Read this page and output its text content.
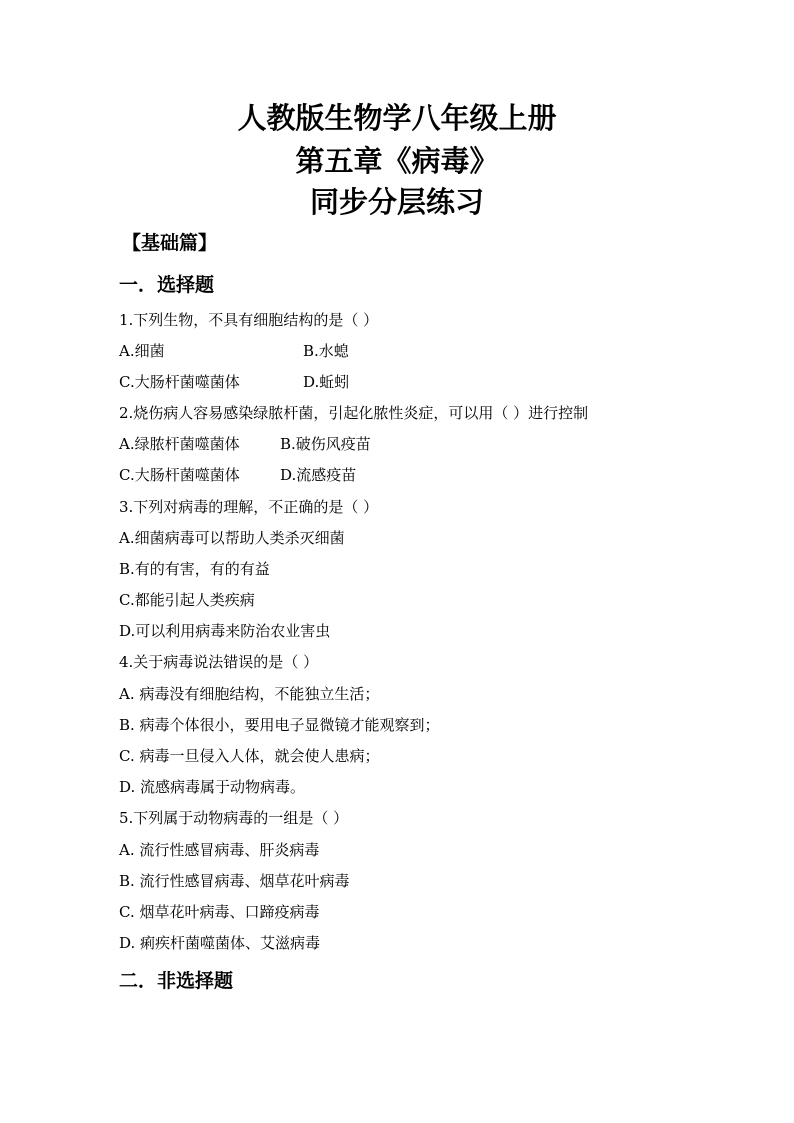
人教版生物学八年级上册
第五章《病毒》
同步分层练习
【基础篇】
一．选择题
1.下列生物，不具有细胞结构的是（ ）
A.细菌	B.水螅
C.大肠杆菌噬菌体	D.蚯蚓
2.烧伤病人容易感染绿脓杆菌，引起化脓性炎症，可以用（ ）进行控制
A.绿脓杆菌噬菌体	B.破伤风疫苗
C.大肠杆菌噬菌体	D.流感疫苗
3.下列对病毒的理解，不正确的是（ ）
A.细菌病毒可以帮助人类杀灭细菌
B.有的有害，有的有益
C.都能引起人类疾病
D.可以利用病毒来防治农业害虫
4.关于病毒说法错误的是（ ）
A. 病毒没有细胞结构，不能独立生活；
B. 病毒个体很小，要用电子显微镜才能观察到；
C. 病毒一旦侵入人体，就会使人患病；
D. 流感病毒属于动物病毒。
5.下列属于动物病毒的一组是（ ）
A. 流行性感冒病毒、肝炎病毒
B. 流行性感冒病毒、烟草花叶病毒
C. 烟草花叶病毒、口蹄疫病毒
D. 痢疾杆菌噬菌体、艾滋病毒
二．非选择题
